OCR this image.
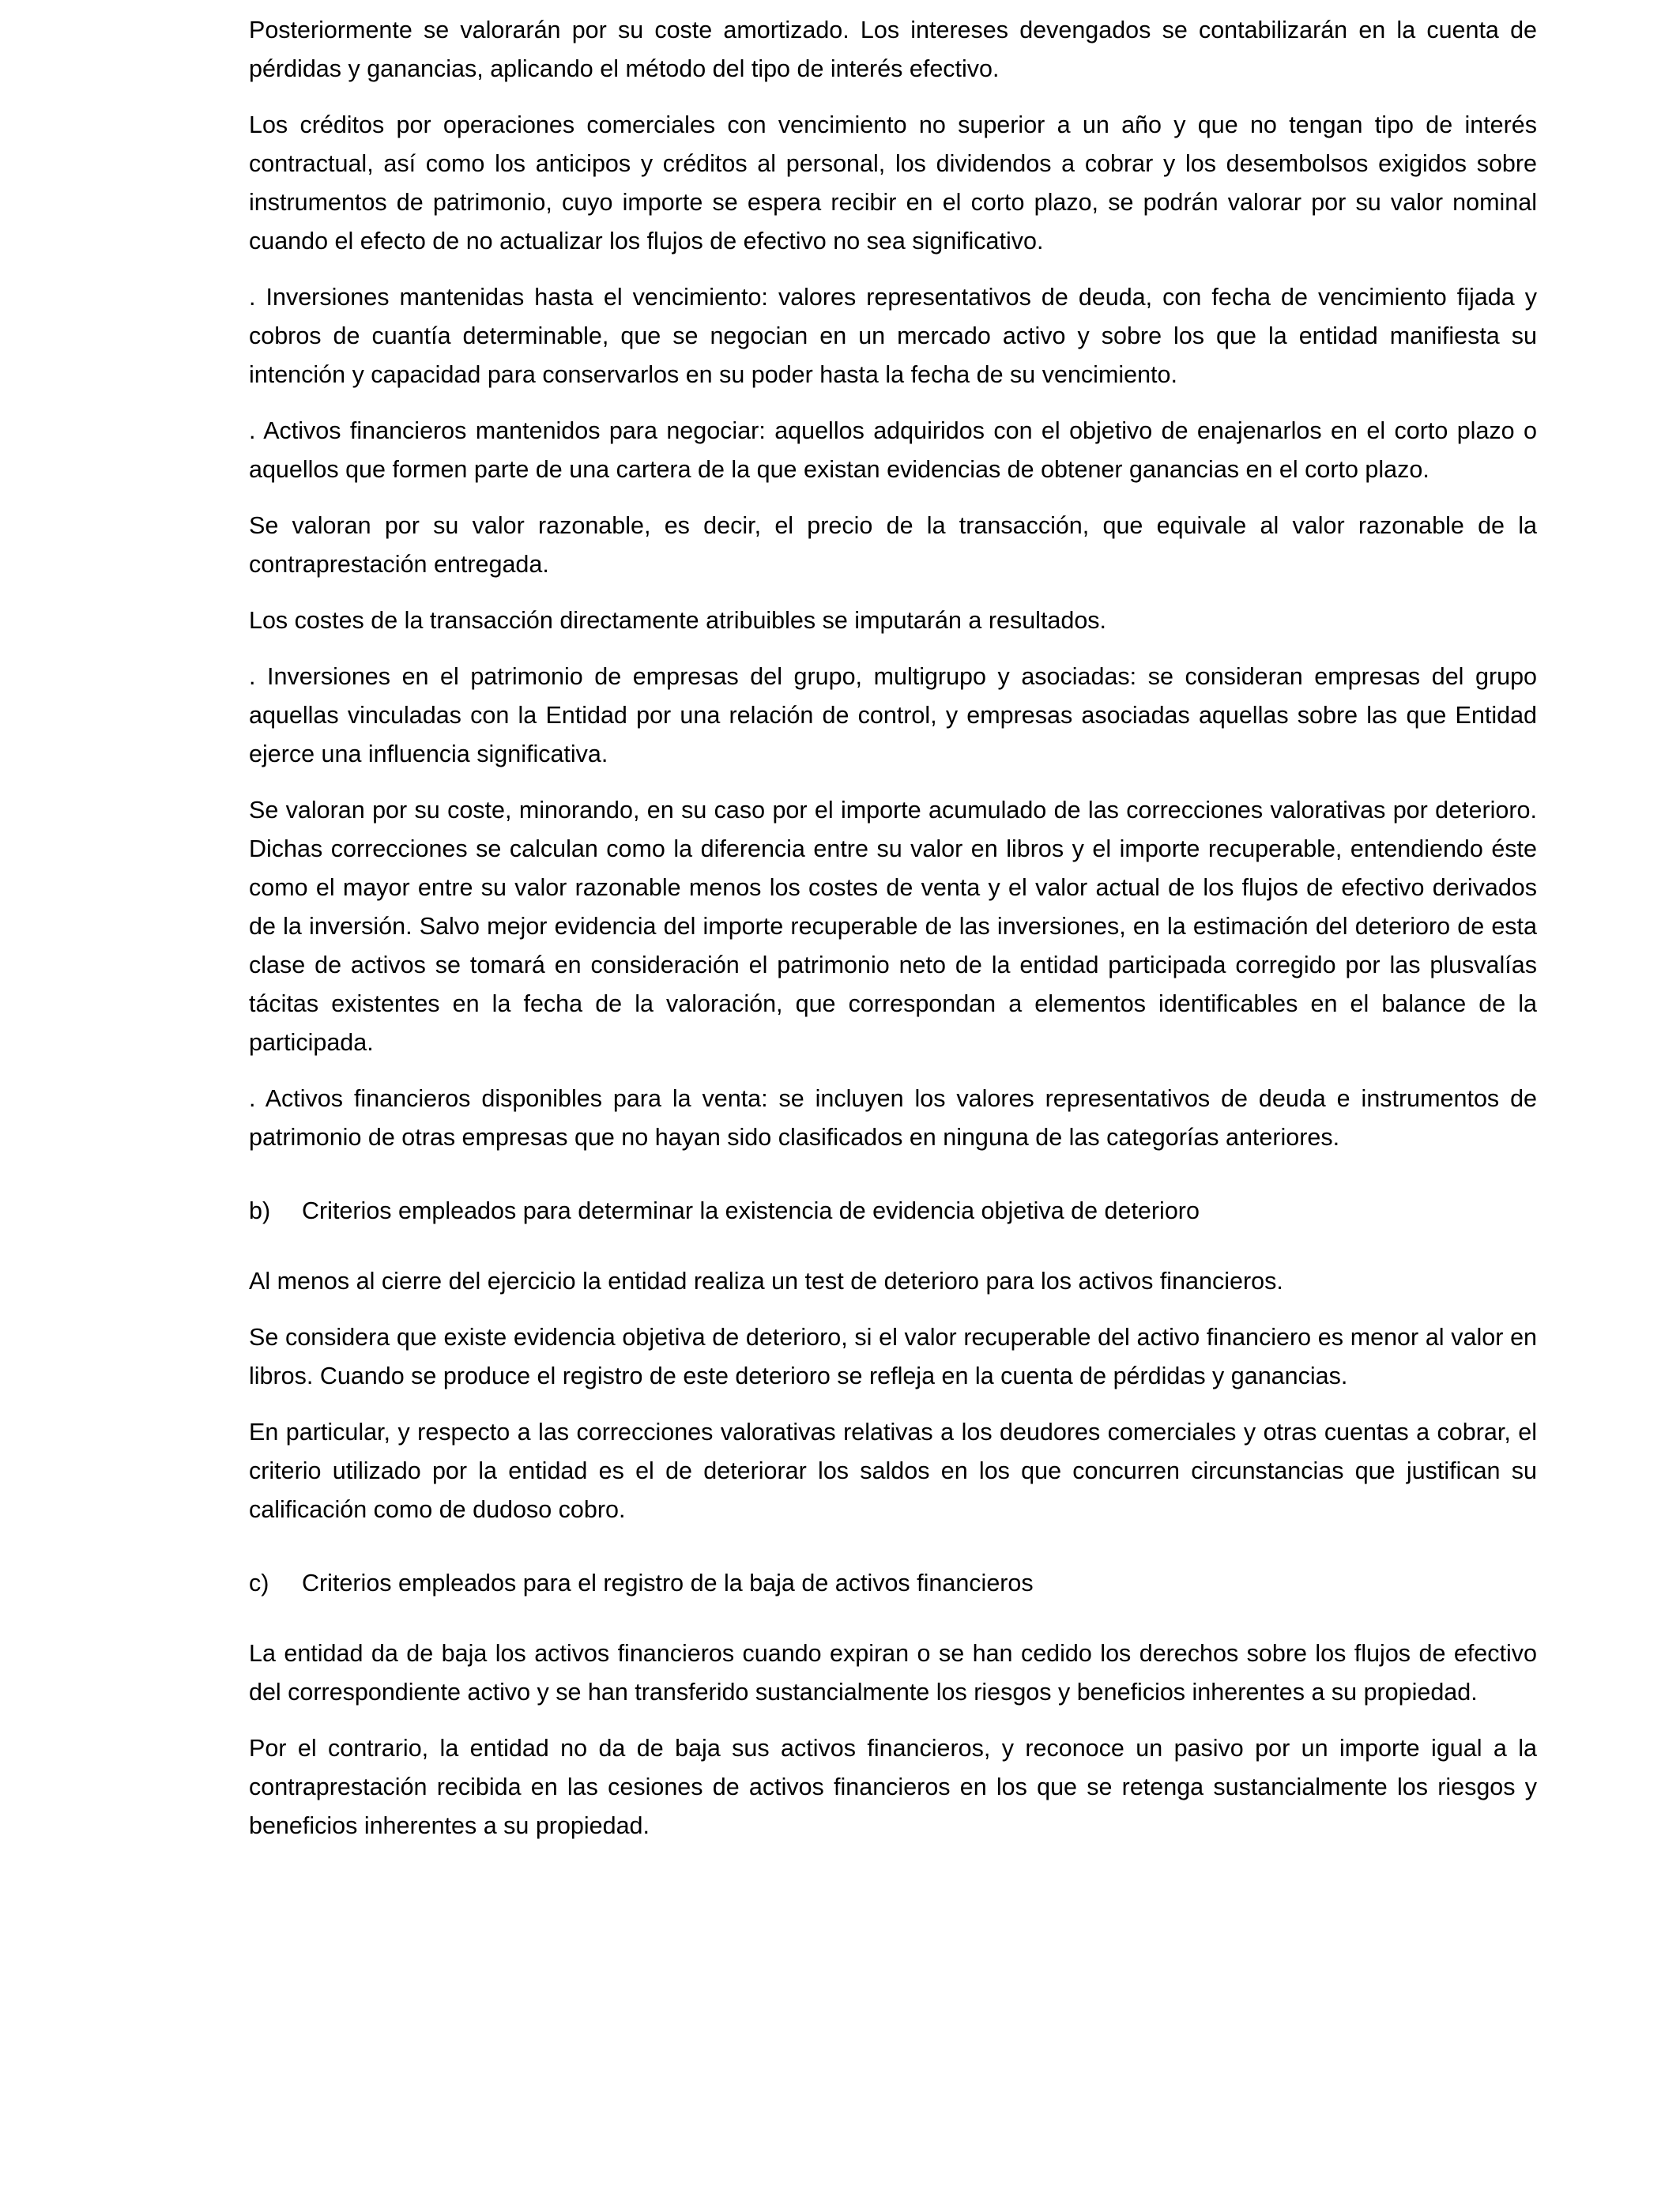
Posteriormente se valorarán por su coste amortizado. Los intereses devengados se contabilizarán en la cuenta de pérdidas y ganancias, aplicando el método del tipo de interés efectivo.

Los créditos por operaciones comerciales con vencimiento no superior a un año y que no tengan tipo de interés contractual, así como los anticipos y créditos al personal, los dividendos a cobrar y los desembolsos exigidos sobre instrumentos de patrimonio, cuyo importe se espera recibir en el corto plazo, se podrán valorar por su valor nominal cuando el efecto de no actualizar los flujos de efectivo no sea significativo.

. Inversiones mantenidas hasta el vencimiento: valores representativos de deuda, con fecha de vencimiento fijada y cobros de cuantía determinable, que se negocian en un mercado activo y sobre los que la entidad manifiesta su intención y capacidad para conservarlos en su poder hasta la fecha de su vencimiento.

. Activos financieros mantenidos para negociar: aquellos adquiridos con el objetivo de enajenarlos en el corto plazo o aquellos que formen parte de una cartera de la que existan evidencias de obtener ganancias en el corto plazo.

Se valoran por su valor razonable, es decir, el precio de la transacción, que equivale al valor razonable de la contraprestación entregada.

Los costes de la transacción directamente atribuibles se imputarán a resultados.

. Inversiones en el patrimonio de empresas del grupo, multigrupo y asociadas: se consideran empresas del grupo aquellas vinculadas con la Entidad por una relación de control, y empresas asociadas aquellas sobre las que Entidad ejerce una influencia significativa.

Se valoran por su coste, minorando, en su caso por el importe acumulado de las correcciones valorativas por deterioro. Dichas correcciones se calculan como la diferencia entre su valor en libros y el importe recuperable, entendiendo éste como el mayor entre su valor razonable menos los costes de venta y el valor actual de los flujos de efectivo derivados de la inversión. Salvo mejor evidencia del importe recuperable de las inversiones, en la estimación del deterioro de esta clase de activos se tomará en consideración el patrimonio neto de la entidad participada corregido por las plusvalías tácitas existentes en la fecha de la valoración, que correspondan a elementos identificables en el balance de la participada.

. Activos financieros disponibles para la venta: se incluyen los valores representativos de deuda e instrumentos de patrimonio de otras empresas que no hayan sido clasificados en ninguna de las categorías anteriores.

b)	Criterios empleados para determinar la existencia de evidencia objetiva de deterioro

Al menos al cierre del ejercicio la entidad realiza un test de deterioro para los activos financieros.

Se considera que existe evidencia objetiva de deterioro, si el valor recuperable del activo financiero es menor al valor en libros. Cuando se produce el registro de este deterioro se refleja en la cuenta de pérdidas y ganancias.

En particular, y respecto a las correcciones valorativas relativas a los deudores comerciales y otras cuentas a cobrar, el criterio utilizado por la entidad es el de deteriorar los saldos en los que concurren circunstancias que justifican su calificación como de dudoso cobro.

c)	Criterios empleados para el registro de la baja de activos financieros

La entidad da de baja los activos financieros cuando expiran o se han cedido los derechos sobre los flujos de efectivo del correspondiente activo y se han transferido sustancialmente los riesgos y beneficios inherentes a su propiedad.

Por el contrario, la entidad no da de baja sus activos financieros, y reconoce un pasivo por un importe igual a la contraprestación recibida en las cesiones de activos financieros en los que se retenga sustancialmente los riesgos y beneficios inherentes a su propiedad.
